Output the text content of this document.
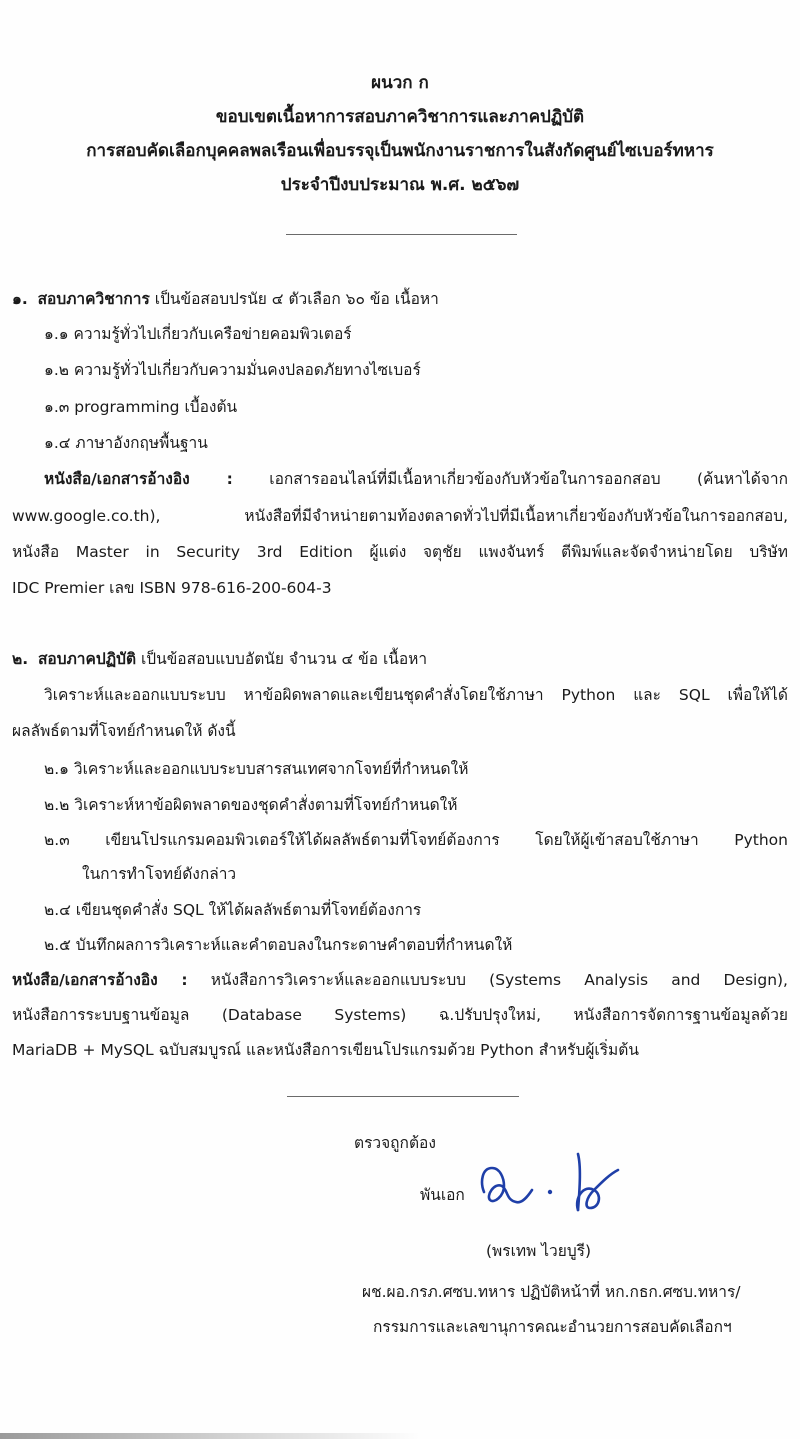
ผนวก ก
ขอบเขตเนื้อหาการสอบภาควิชาการและภาคปฏิบัติ
การสอบคัดเลือกบุคคลพลเรือนเพื่อบรรจุเป็นพนักงานราชการในสังกัดศูนย์ไซเบอร์ทหาร
ประจำปีงบประมาณ พ.ศ. ๒๕๖๗
๑. สอบภาควิชาการ เป็นข้อสอบปรนัย ๔ ตัวเลือก ๖๐ ข้อ เนื้อหา
๑.๑ ความรู้ทั่วไปเกี่ยวกับเครือข่ายคอมพิวเตอร์
๑.๒ ความรู้ทั่วไปเกี่ยวกับความมั่นคงปลอดภัยทางไซเบอร์
๑.๓ programming เบื้องต้น
๑.๔ ภาษาอังกฤษพื้นฐาน
หนังสือ/เอกสารอ้างอิง : เอกสารออนไลน์ที่มีเนื้อหาเกี่ยวข้องกับหัวข้อในการออกสอบ (ค้นหาได้จาก
www.google.co.th), หนังสือที่มีจำหน่ายตามท้องตลาดทั่วไปที่มีเนื้อหาเกี่ยวข้องกับหัวข้อในการออกสอบ,
หนังสือ Master in Security 3rd Edition ผู้แต่ง จตุชัย แพงจันทร์ ตีพิมพ์และจัดจำหน่ายโดย บริษัท
IDC Premier เลข ISBN 978-616-200-604-3
๒. สอบภาคปฏิบัติ เป็นข้อสอบแบบอัตนัย จำนวน ๔ ข้อ เนื้อหา
วิเคราะห์และออกแบบระบบ หาข้อผิดพลาดและเขียนชุดคำสั่งโดยใช้ภาษา Python และ SQL เพื่อให้ได้
ผลลัพธ์ตามที่โจทย์กำหนดให้ ดังนี้
๒.๑ วิเคราะห์และออกแบบระบบสารสนเทศจากโจทย์ที่กำหนดให้
๒.๒ วิเคราะห์หาข้อผิดพลาดของชุดคำสั่งตามที่โจทย์กำหนดให้
๒.๓ เขียนโปรแกรมคอมพิวเตอร์ให้ได้ผลลัพธ์ตามที่โจทย์ต้องการ โดยให้ผู้เข้าสอบใช้ภาษา Python
ในการทำโจทย์ดังกล่าว
๒.๔ เขียนชุดคำสั่ง SQL ให้ได้ผลลัพธ์ตามที่โจทย์ต้องการ
๒.๕ บันทึกผลการวิเคราะห์และคำตอบลงในกระดาษคำตอบที่กำหนดให้
หนังสือ/เอกสารอ้างอิง : หนังสือการวิเคราะห์และออกแบบระบบ (Systems Analysis and Design),
หนังสือการระบบฐานข้อมูล (Database Systems) ฉ.ปรับปรุงใหม่, หนังสือการจัดการฐานข้อมูลด้วย
MariaDB + MySQL ฉบับสมบูรณ์ และหนังสือการเขียนโปรแกรมด้วย Python สำหรับผู้เริ่มต้น
ตรวจถูกต้อง
พันเอก
(พรเทพ ไวยบูรี)
ผช.ผอ.กรภ.ศซบ.ทหาร ปฏิบัติหน้าที่ หก.กธก.ศซบ.ทหาร/
กรรมการและเลขานุการคณะอำนวยการสอบคัดเลือกฯ
